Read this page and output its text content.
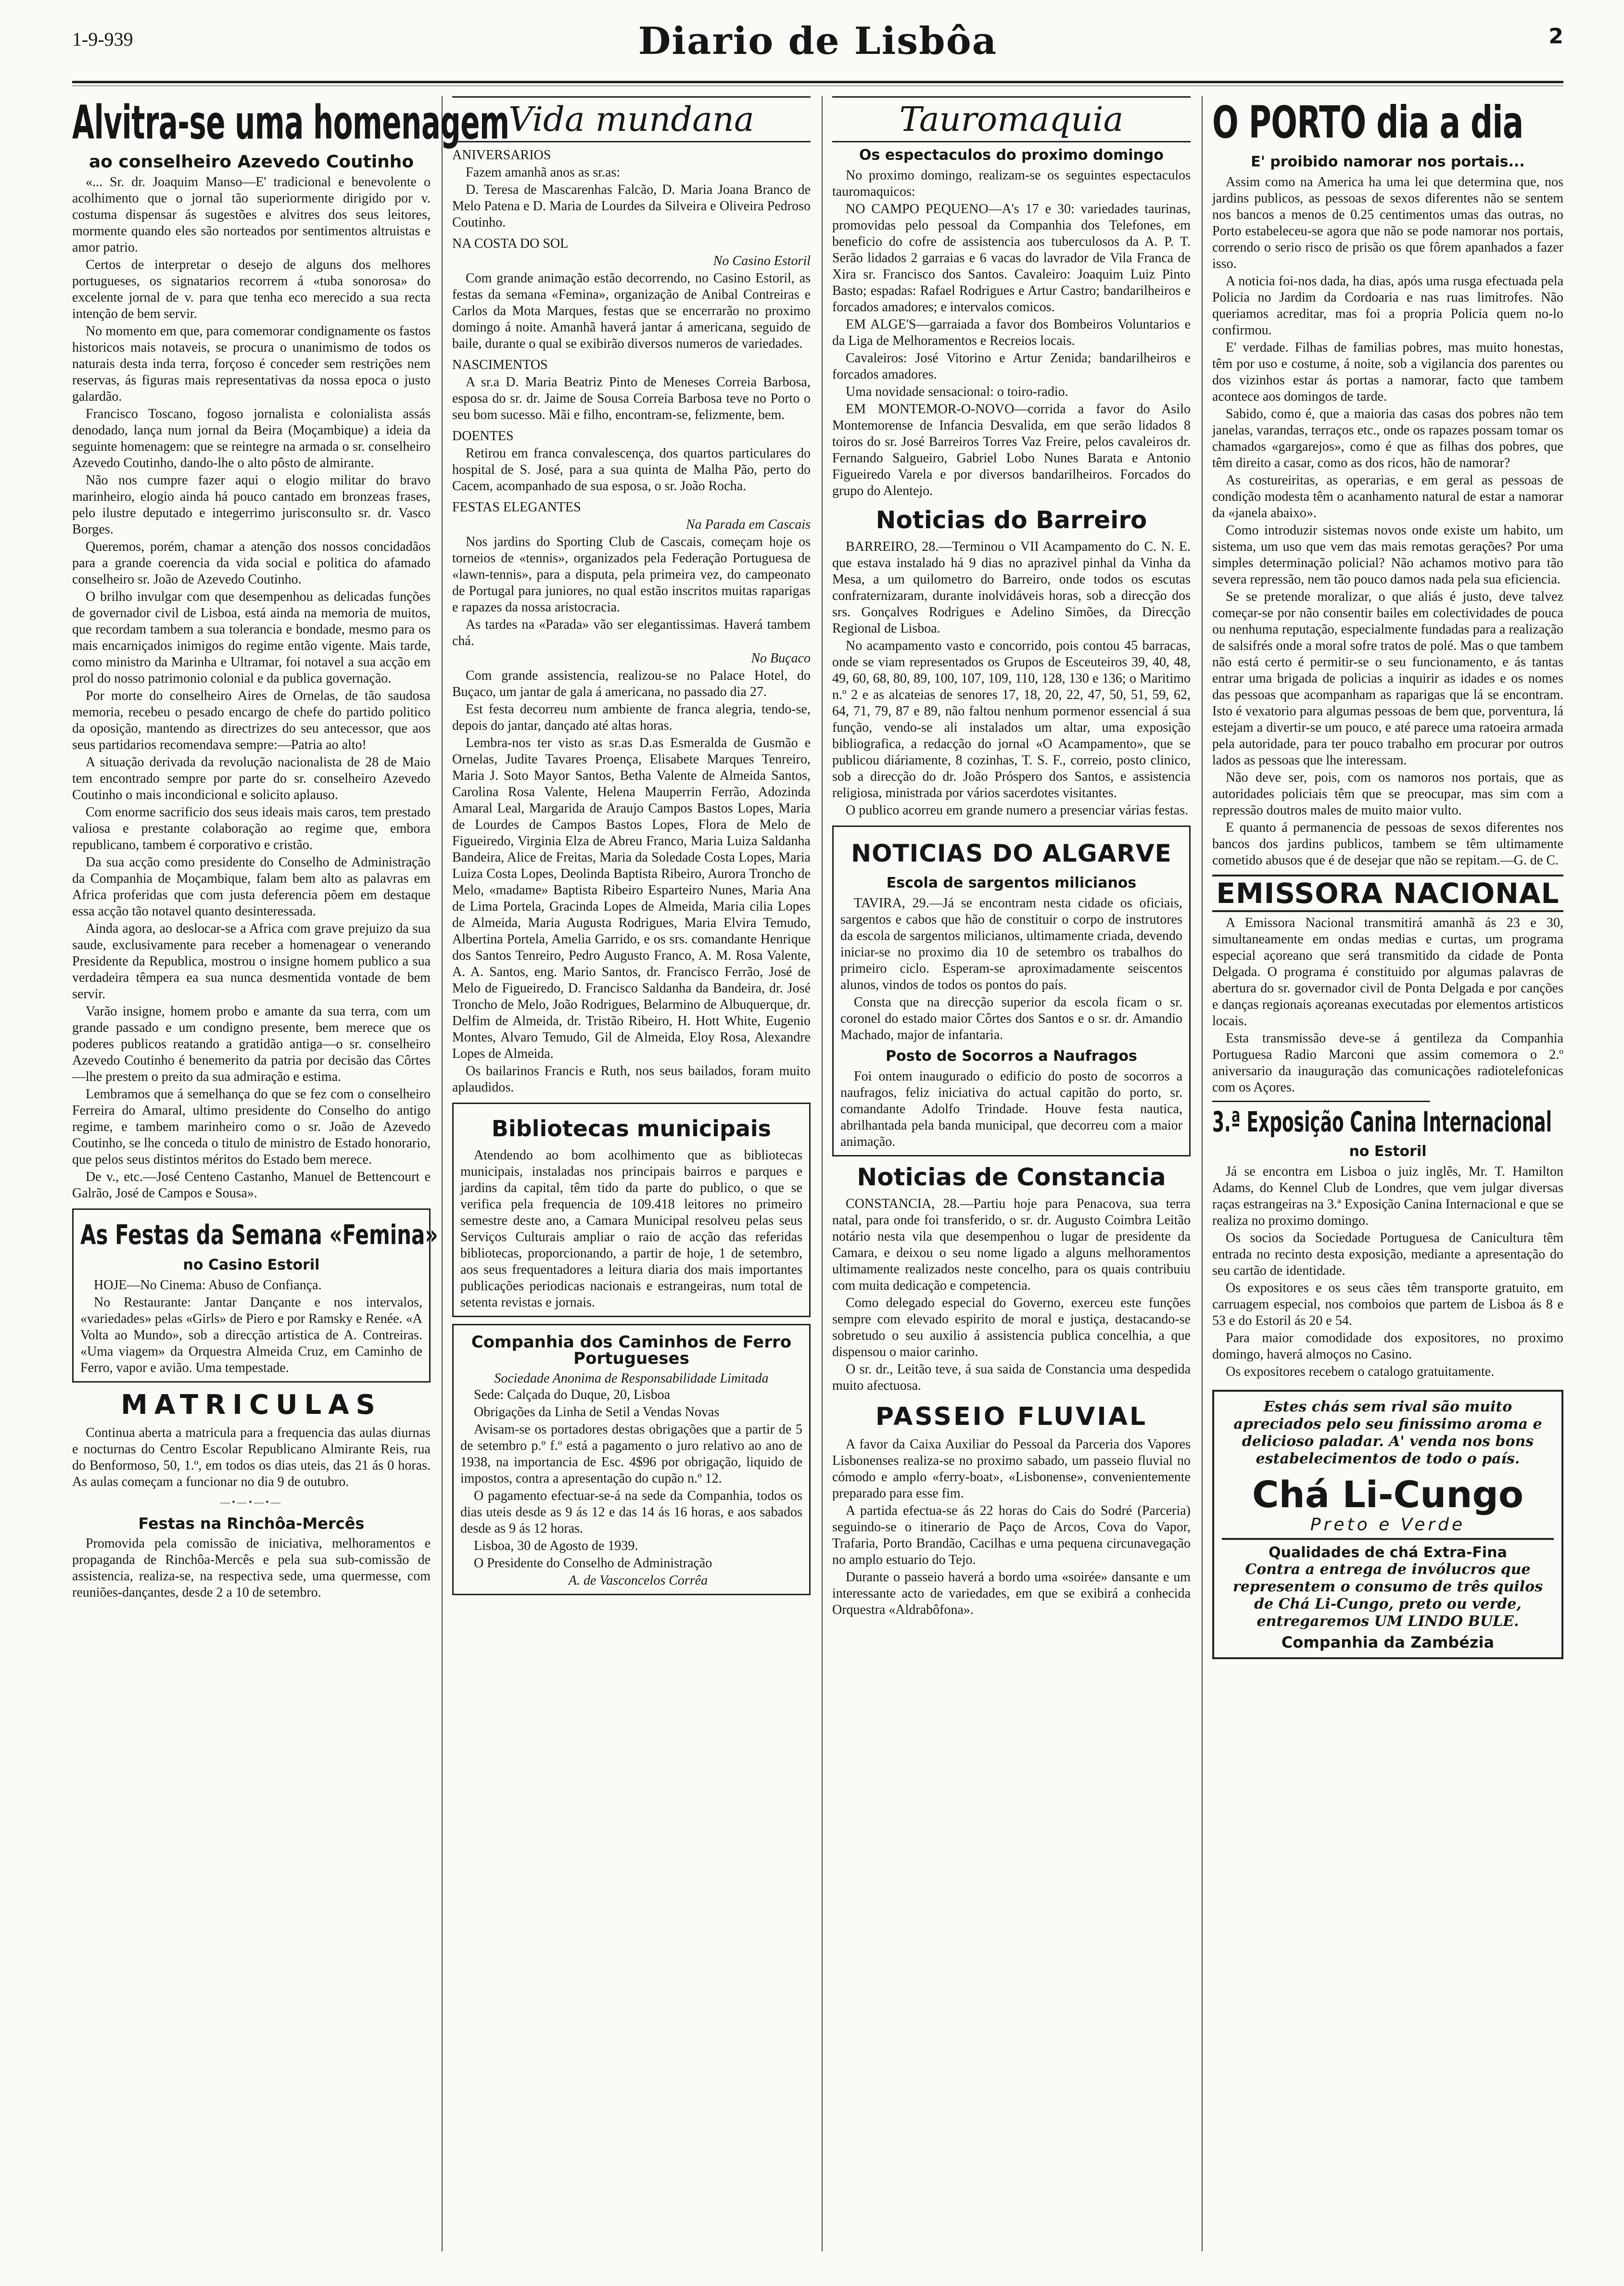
1-9-939	Diario de Lisbôa	2
Alvitra-se uma homenagem
ao conselheiro Azevedo Coutinho

«... Sr. dr. Joaquim Manso—E' tradicional e benevolente o acolhimento que o jornal tão superiormente dirigido por v. costuma dispensar ás sugestões e alvitres dos seus leitores, mormente quando eles são norteados por sentimentos altruistas e amor patrio.

Certos de interpretar o desejo de alguns dos melhores portugueses, os signatarios recorrem á «tuba sonorosa» do excelente jornal de v. para que tenha eco merecido a sua recta intenção de bem servir.

No momento em que, para comemorar condignamente os fastos historicos mais notaveis, se procura o unanimismo de todos os naturais desta inda terra, forçoso é conceder sem restrições nem reservas, ás figuras mais representativas da nossa epoca o justo galardão.

Francisco Toscano, fogoso jornalista e colonialista assás denodado, lança num jornal da Beira (Moçambique) a ideia da seguinte homenagem: que se reintegre na armada o sr. conselheiro Azevedo Coutinho, dando-lhe o alto pôsto de almirante.

Não nos cumpre fazer aqui o elogio militar do bravo marinheiro, elogio ainda há pouco cantado em bronzeas frases, pelo ilustre deputado e integerrimo jurisconsulto sr. dr. Vasco Borges.

Queremos, porém, chamar a atenção dos nossos concidadãos para a grande coerencia da vida social e politica do afamado conselheiro sr. João de Azevedo Coutinho.

O brilho invulgar com que desempenhou as delicadas funções de governador civil de Lisboa, está ainda na memoria de muitos, que recordam tambem a sua tolerancia e bondade, mesmo para os mais encarniçados inimigos do regime então vigente. Mais tarde, como ministro da Marinha e Ultramar, foi notavel a sua acção em prol do nosso patrimonio colonial e da publica governação.

Por morte do conselheiro Aires de Ornelas, de tão saudosa memoria, recebeu o pesado encargo de chefe do partido politico da oposição, mantendo as directrizes do seu antecessor, que aos seus partidarios recomendava sempre:—Patria ao alto!

A situação derivada da revolução nacionalista de 28 de Maio tem encontrado sempre por parte do sr. conselheiro Azevedo Coutinho o mais incondicional e solicito aplauso.

Com enorme sacrificio dos seus ideais mais caros, tem prestado valiosa e prestante colaboração ao regime que, embora republicano, tambem é corporativo e cristão.

Da sua acção como presidente do Conselho de Administração da Companhia de Moçambique, falam bem alto as palavras em Africa proferidas que com justa deferencia põem em destaque essa acção tão notavel quanto desinteressada.

Ainda agora, ao deslocar-se a Africa com grave prejuizo da sua saude, exclusivamente para receber a homenagear o venerando Presidente da Republica, mostrou o insigne homem publico a sua verdadeira têmpera ea sua nunca desmentida vontade de bem servir.

Varão insigne, homem probo e amante da sua terra, com um grande passado e um condigno presente, bem merece que os poderes publicos reatando a gratidão antiga—o sr. conselheiro Azevedo Coutinho é benemerito da patria por decisão das Côrtes—lhe prestem o preito da sua admiração e estima.

Lembramos que á semelhança do que se fez com o conselheiro Ferreira do Amaral, ultimo presidente do Conselho do antigo regime, e tambem marinheiro como o sr. João de Azevedo Coutinho, se lhe conceda o titulo de ministro de Estado honorario, que pelos seus distintos méritos do Estado bem merece.

De v., etc.—José Centeno Castanho, Manuel de Bettencourt e Galrão, José de Campos e Sousa».

As Festas da Semana «Femina»
no Casino Estoril

HOJE—No Cinema: Abuso de Confiança.

No Restaurante: Jantar Dançante e nos intervalos, «variedades» pelas «Girls» de Piero e por Ramsky e Renée. «A Volta ao Mundo», sob a direcção artistica de A. Contreiras. «Uma viagem» da Orquestra Almeida Cruz, em Caminho de Ferro, vapor e avião. Uma tempestade.

MATRICULAS

Continua aberta a matricula para a frequencia das aulas diurnas e nocturnas do Centro Escolar Republicano Almirante Reis, rua do Benformoso, 50, 1.º, em todos os dias uteis, das 21 ás 0 horas. As aulas começam a funcionar no dia 9 de outubro.

—•—•—•—
Festas na Rinchôa-Mercês

Promovida pela comissão de iniciativa, melhoramentos e propaganda de Rinchôa-Mercês e pela sua sub-comissão de assistencia, realiza-se, na respectiva sede, uma quermesse, com reuniões-dançantes, desde 2 a 10 de setembro.

Vida mundana

ANIVERSARIOS

Fazem amanhã anos as sr.as:

D. Teresa de Mascarenhas Falcão, D. Maria Joana Branco de Melo Patena e D. Maria de Lourdes da Silveira e Oliveira Pedroso Coutinho.

NA COSTA DO SOL

No Casino Estoril

Com grande animação estão decorrendo, no Casino Estoril, as festas da semana «Femina», organização de Anibal Contreiras e Carlos da Mota Marques, festas que se encerrarão no proximo domingo á noite. Amanhã haverá jantar á americana, seguido de baile, durante o qual se exibirão diversos numeros de variedades.

NASCIMENTOS

A sr.a D. Maria Beatriz Pinto de Meneses Correia Barbosa, esposa do sr. dr. Jaime de Sousa Correia Barbosa teve no Porto o seu bom sucesso. Mãi e filho, encontram-se, felizmente, bem.

DOENTES

Retirou em franca convalescença, dos quartos particulares do hospital de S. José, para a sua quinta de Malha Pão, perto do Cacem, acompanhado de sua esposa, o sr. João Rocha.

FESTAS ELEGANTES

Na Parada em Cascais

Nos jardins do Sporting Club de Cascais, começam hoje os torneios de «tennis», organizados pela Federação Portuguesa de «lawn-tennis», para a disputa, pela primeira vez, do campeonato de Portugal para juniores, no qual estão inscritos muitas raparigas e rapazes da nossa aristocracia.

As tardes na «Parada» vão ser elegantissimas. Haverá tambem chá.

No Buçaco

Com grande assistencia, realizou-se no Palace Hotel, do Buçaco, um jantar de gala á americana, no passado dia 27.

Est festa decorreu num ambiente de franca alegria, tendo-se, depois do jantar, dançado até altas horas.

Lembra-nos ter visto as sr.as D.as Esmeralda de Gusmão e Ornelas, Judite Tavares Proença, Elisabete Marques Tenreiro, Maria J. Soto Mayor Santos, Betha Valente de Almeida Santos, Carolina Rosa Valente, Helena Mauperrin Ferrão, Adozinda Amaral Leal, Margarida de Araujo Campos Bastos Lopes, Maria de Lourdes de Campos Bastos Lopes, Flora de Melo de Figueiredo, Virginia Elza de Abreu Franco, Maria Luiza Saldanha Bandeira, Alice de Freitas, Maria da Soledade Costa Lopes, Maria Luiza Costa Lopes, Deolinda Baptista Ribeiro, Aurora Troncho de Melo, «madame» Baptista Ribeiro Esparteiro Nunes, Maria Ana de Lima Portela, Gracinda Lopes de Almeida, Maria cilia Lopes de Almeida, Maria Augusta Rodrigues, Maria Elvira Temudo, Albertina Portela, Amelia Garrido, e os srs. comandante Henrique dos Santos Tenreiro, Pedro Augusto Franco, A. M. Rosa Valente, A. A. Santos, eng. Mario Santos, dr. Francisco Ferrão, José de Melo de Figueiredo, D. Francisco Saldanha da Bandeira, dr. José Troncho de Melo, João Rodrigues, Belarmino de Albuquerque, dr. Delfim de Almeida, dr. Tristão Ribeiro, H. Hott White, Eugenio Montes, Alvaro Temudo, Gil de Almeida, Eloy Rosa, Alexandre Lopes de Almeida.

Os bailarinos Francis e Ruth, nos seus bailados, foram muito aplaudidos.

Bibliotecas municipais

Atendendo ao bom acolhimento que as bibliotecas municipais, instaladas nos principais bairros e parques e jardins da capital, têm tido da parte do publico, o que se verifica pela frequencia de 109.418 leitores no primeiro semestre deste ano, a Camara Municipal resolveu pelas seus Serviços Culturais ampliar o raio de acção das referidas bibliotecas, proporcionando, a partir de hoje, 1 de setembro, aos seus frequentadores a leitura diaria dos mais importantes publicações periodicas nacionais e estrangeiras, num total de setenta revistas e jornais.

Companhia dos Caminhos de Ferro Portugueses
Sociedade Anonima de Responsabilidade Limitada

Sede: Calçada do Duque, 20, Lisboa

Obrigações da Linha de Setil a Vendas Novas

Avisam-se os portadores destas obrigações que a partir de 5 de setembro p.º f.º está a pagamento o juro relativo ao ano de 1938, na importancia de Esc. 4$96 por obrigação, liquido de impostos, contra a apresentação do cupão n.º 12.

O pagamento efectuar-se-á na sede da Companhia, todos os dias uteis desde as 9 ás 12 e das 14 ás 16 horas, e aos sabados desde as 9 ás 12 horas.

Lisboa, 30 de Agosto de 1939.

O Presidente do Conselho de Administração

A. de Vasconcelos Corrêa

Tauromaquia
Os espectaculos do proximo domingo

No proximo domingo, realizam-se os seguintes espectaculos tauromaquicos:

NO CAMPO PEQUENO—A's 17 e 30: variedades taurinas, promovidas pelo pessoal da Companhia dos Telefones, em beneficio do cofre de assistencia aos tuberculosos da A. P. T. Serão lidados 2 garraias e 6 vacas do lavrador de Vila Franca de Xira sr. Francisco dos Santos. Cavaleiro: Joaquim Luiz Pinto Basto; espadas: Rafael Rodrigues e Artur Castro; bandarilheiros e forcados amadores; e intervalos comicos.

EM ALGE'S—garraiada a favor dos Bombeiros Voluntarios e da Liga de Melhoramentos e Recreios locais.

Cavaleiros: José Vitorino e Artur Zenida; bandarilheiros e forcados amadores.

Uma novidade sensacional: o toiro-radio.

EM MONTEMOR-O-NOVO—corrida a favor do Asilo Montemorense de Infancia Desvalida, em que serão lidados 8 toiros do sr. José Barreiros Torres Vaz Freire, pelos cavaleiros dr. Fernando Salgueiro, Gabriel Lobo Nunes Barata e Antonio Figueiredo Varela e por diversos bandarilheiros. Forcados do grupo do Alentejo.

Noticias do Barreiro

BARREIRO, 28.—Terminou o VII Acampamento do C. N. E. que estava instalado há 9 dias no aprazivel pinhal da Vinha da Mesa, a um quilometro do Barreiro, onde todos os escutas confraternizaram, durante inolvidáveis horas, sob a direcção dos srs. Gonçalves Rodrigues e Adelino Simões, da Direcção Regional de Lisboa.

No acampamento vasto e concorrido, pois contou 45 barracas, onde se viam representados os Grupos de Esceuteiros 39, 40, 48, 49, 60, 68, 80, 89, 100, 107, 109, 110, 128, 130 e 136; o Maritimo n.º 2 e as alcateias de senores 17, 18, 20, 22, 47, 50, 51, 59, 62, 64, 71, 79, 87 e 89, não faltou nenhum pormenor essencial á sua função, vendo-se ali instalados um altar, uma exposição bibliografica, a redacção do jornal «O Acampamento», que se publicou diáriamente, 8 cozinhas, T. S. F., correio, posto clinico, sob a direcção do dr. João Próspero dos Santos, e assistencia religiosa, ministrada por vários sacerdotes visitantes.

O publico acorreu em grande numero a presenciar várias festas.

NOTICIAS DO ALGARVE
Escola de sargentos milicianos

TAVIRA, 29.—Já se encontram nesta cidade os oficiais, sargentos e cabos que hão de constituir o corpo de instrutores da escola de sargentos milicianos, ultimamente criada, devendo iniciar-se no proximo dia 10 de setembro os trabalhos do primeiro ciclo. Esperam-se aproximadamente seiscentos alunos, vindos de todos os pontos do país.

Consta que na direcção superior da escola ficam o sr. coronel do estado maior Côrtes dos Santos e o sr. dr. Amandio Machado, major de infantaria.

Posto de Socorros a Naufragos

Foi ontem inaugurado o edificio do posto de socorros a naufragos, feliz iniciativa do actual capitão do porto, sr. comandante Adolfo Trindade. Houve festa nautica, abrilhantada pela banda municipal, que decorreu com a maior animação.

Noticias de Constancia

CONSTANCIA, 28.—Partiu hoje para Penacova, sua terra natal, para onde foi transferido, o sr. dr. Augusto Coimbra Leitão notário nesta vila que desempenhou o lugar de presidente da Camara, e deixou o seu nome ligado a alguns melhoramentos ultimamente realizados neste concelho, para os quais contribuiu com muita dedicação e competencia.

Como delegado especial do Governo, exerceu este funções sempre com elevado espirito de moral e justiça, destacando-se sobretudo o seu auxilio á assistencia publica concelhia, a que dispensou o maior carinho.

O sr. dr., Leitão teve, á sua saida de Constancia uma despedida muito afectuosa.

PASSEIO FLUVIAL

A favor da Caixa Auxiliar do Pessoal da Parceria dos Vapores Lisbonenses realiza-se no proximo sabado, um passeio fluvial no cómodo e amplo «ferry-boat», «Lisbonense», convenientemente preparado para esse fim.

A partida efectua-se ás 22 horas do Cais do Sodré (Parceria) seguindo-se o itinerario de Paço de Arcos, Cova do Vapor, Trafaria, Porto Brandão, Cacilhas e uma pequena circunavegação no amplo estuario do Tejo.

Durante o passeio haverá a bordo uma «soirée» dansante e um interessante acto de variedades, em que se exibirá a conhecida Orquestra «Aldrabôfona».

O PORTO dia a dia
E' proibido namorar nos portais...

Assim como na America ha uma lei que determina que, nos jardins publicos, as pessoas de sexos diferentes não se sentem nos bancos a menos de 0.25 centimentos umas das outras, no Porto estabeleceu-se agora que não se pode namorar nos portais, correndo o serio risco de prisão os que fôrem apanhados a fazer isso.

A noticia foi-nos dada, ha dias, após uma rusga efectuada pela Policia no Jardim da Cordoaria e nas ruas limitrofes. Não queriamos acreditar, mas foi a propria Policia quem no-lo confirmou.

E' verdade. Filhas de familias pobres, mas muito honestas, têm por uso e costume, á noite, sob a vigilancia dos parentes ou dos vizinhos estar ás portas a namorar, facto que tambem acontece aos domingos de tarde.

Sabido, como é, que a maioria das casas dos pobres não tem janelas, varandas, terraços etc., onde os rapazes possam tomar os chamados «gargarejos», como é que as filhas dos pobres, que têm direito a casar, como as dos ricos, hão de namorar?

As costureiritas, as operarias, e em geral as pessoas de condição modesta têm o acanhamento natural de estar a namorar da «janela abaixo».

Como introduzir sistemas novos onde existe um habito, um sistema, um uso que vem das mais remotas gerações? Por uma simples determinação policial? Não achamos motivo para tão severa repressão, nem tão pouco damos nada pela sua eficiencia.

Se se pretende moralizar, o que aliás é justo, deve talvez começar-se por não consentir bailes em colectividades de pouca ou nenhuma reputação, especialmente fundadas para a realização de salsifrés onde a moral sofre tratos de polé. Mas o que tambem não está certo é permitir-se o seu funcionamento, e ás tantas entrar uma brigada de policias a inquirir as idades e os nomes das pessoas que acompanham as raparigas que lá se encontram. Isto é vexatorio para algumas pessoas de bem que, porventura, lá estejam a divertir-se um pouco, e até parece uma ratoeira armada pela autoridade, para ter pouco trabalho em procurar por outros lados as pessoas que lhe interessam.

Não deve ser, pois, com os namoros nos portais, que as autoridades policiais têm que se preocupar, mas sim com a repressão doutros males de muito maior vulto.

E quanto á permanencia de pessoas de sexos diferentes nos bancos dos jardins publicos, tambem se têm ultimamente cometido abusos que é de desejar que não se repitam.—G. de C.

EMISSORA NACIONAL

A Emissora Nacional transmitirá amanhã ás 23 e 30, simultaneamente em ondas medias e curtas, um programa especial açoreano que será transmitido da cidade de Ponta Delgada. O programa é constituido por algumas palavras de abertura do sr. governador civil de Ponta Delgada e por canções e danças regionais açoreanas executadas por elementos artisticos locais.

Esta transmissão deve-se á gentileza da Companhia Portuguesa Radio Marconi que assim comemora o 2.º aniversario da inauguração das comunicações radiotelefonicas com os Açores.

3.ª Exposição Canina Internacional
no Estoril

Já se encontra em Lisboa o juiz inglês, Mr. T. Hamilton Adams, do Kennel Club de Londres, que vem julgar diversas raças estrangeiras na 3.ª Exposição Canina Internacional e que se realiza no proximo domingo.

Os socios da Sociedade Portuguesa de Canicultura têm entrada no recinto desta exposição, mediante a apresentação do seu cartão de identidade.

Os expositores e os seus cães têm transporte gratuito, em carruagem especial, nos comboios que partem de Lisboa ás 8 e 53 e do Estoril ás 20 e 54.

Para maior comodidade dos expositores, no proximo domingo, haverá almoços no Casino.

Os expositores recebem o catalogo gratuitamente.

Estes chás sem rival são muito apreciados pelo seu finissimo aroma e delicioso paladar. A' venda nos bons estabelecimentos de todo o país.
Chá Li-Cungo
Preto e Verde
Qualidades de chá Extra-Fina
Contra a entrega de invólucros que representem o consumo de três quilos de Chá Li-Cungo, preto ou verde, entregaremos UM LINDO BULE.
Companhia da Zambézia
